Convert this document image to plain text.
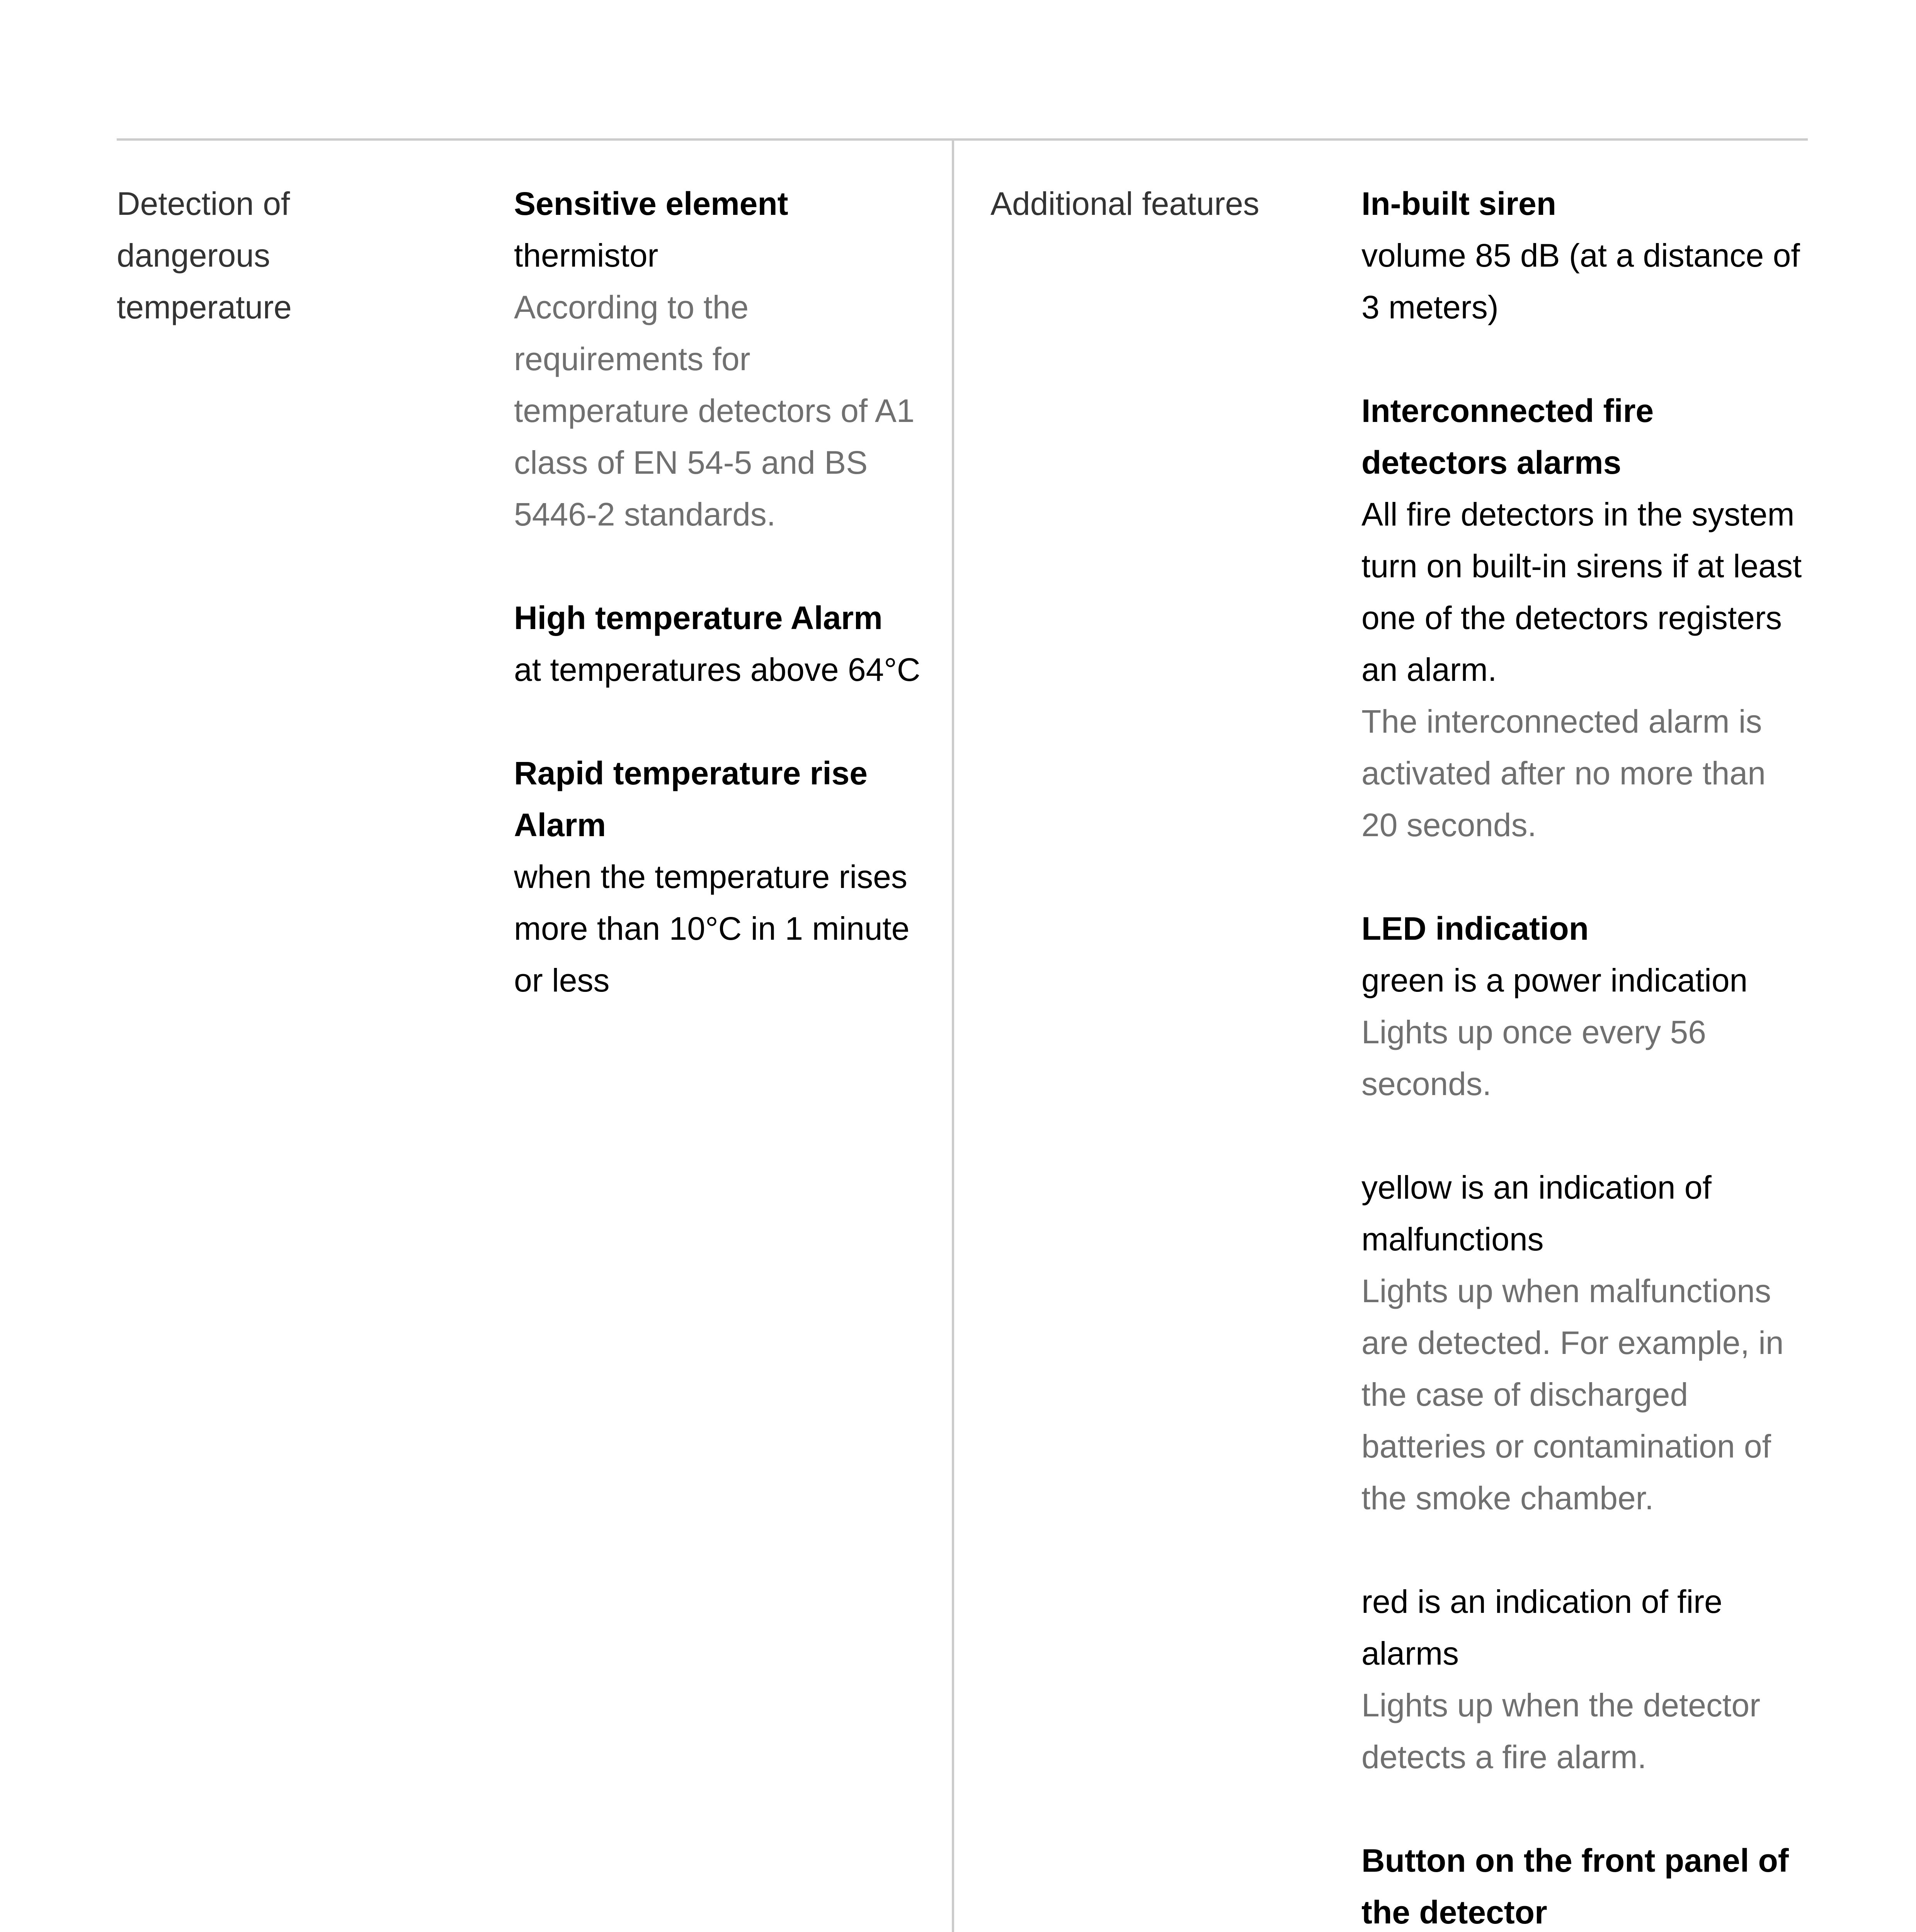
Detection of dangerous temperature
Sensitive element
thermistor
According to the requirements for temperature detectors of A1 class of EN 54-5 and BS 5446-2 standards.
High temperature Alarm
at temperatures above 64°C
Rapid temperature rise Alarm
when the temperature rises more than 10°C in 1 minute or less
Additional features	In-built siren
volume 85 dB (at a distance of 3 meters)
Interconnected fire detectors alarms
All fire detectors in the system turn on built-in sirens if at least one of the detectors registers an alarm.
The interconnected alarm is activated after no more than 20 seconds.
LED indication
green is a power indication
Lights up once every 56 seconds.
yellow is an indication of malfunctions
Lights up when malfunctions are detected. For example, in the case of discharged batteries or contamination of the smoke chamber.
red is an indication of fire alarms
Lights up when the detector detects a fire alarm.
Button on the front panel of the detector
